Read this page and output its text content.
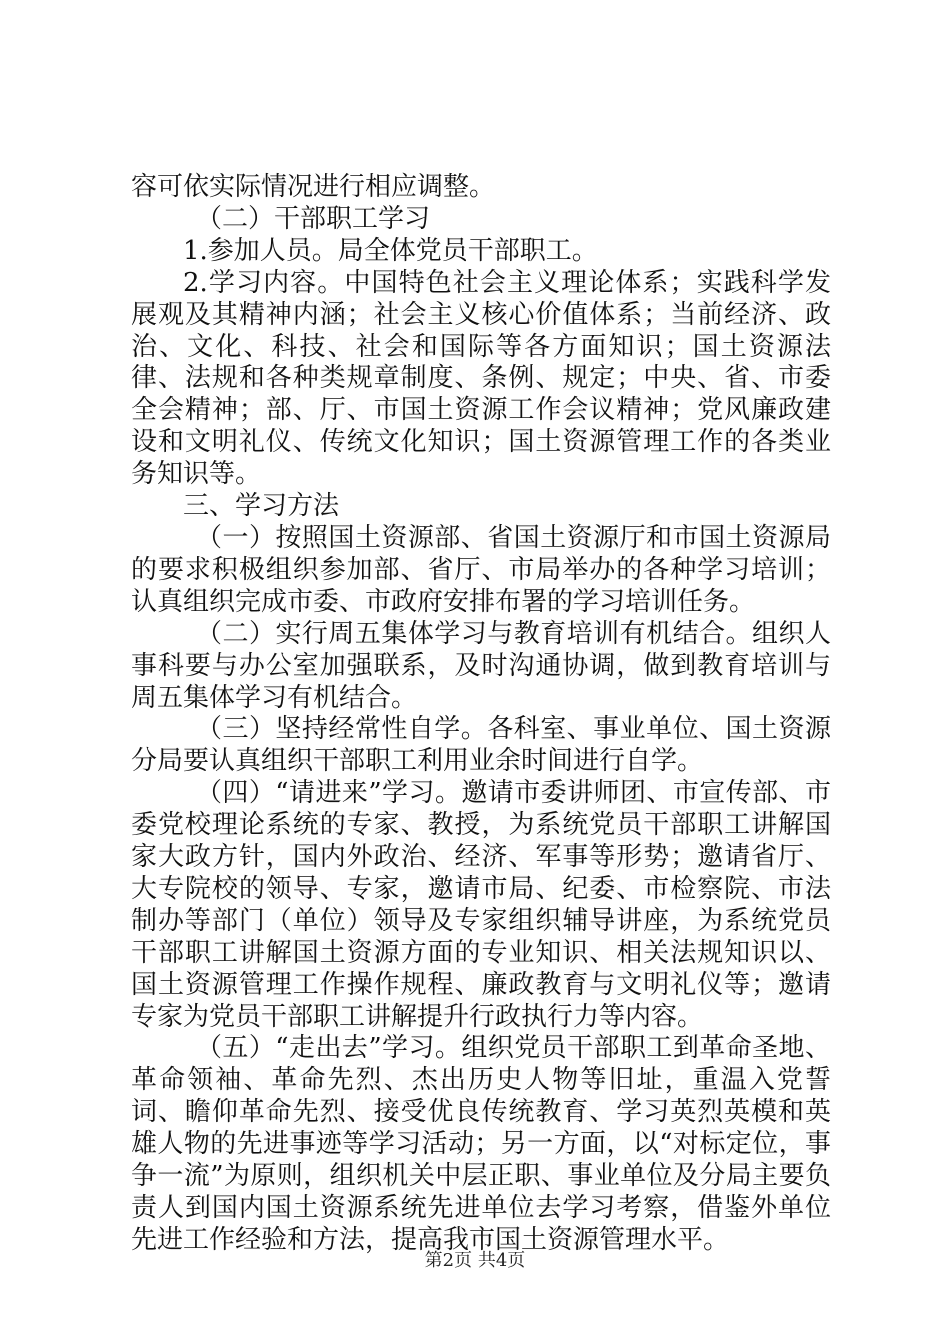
容可依实际情况进行相应调整。

（二）干部职工学习

1.参加人员。局全体党员干部职工。

2.学习内容。中国特色社会主义理论体系；实践科学发展观及其精神内涵；社会主义核心价值体系；当前经济、政治、文化、科技、社会和国际等各方面知识；国土资源法律、法规和各种类规章制度、条例、规定；中央、省、市委全会精神；部、厅、市国土资源工作会议精神；党风廉政建设和文明礼仪、传统文化知识；国土资源管理工作的各类业务知识等。

三、学习方法

（一）按照国土资源部、省国土资源厅和市国土资源局的要求积极组织参加部、省厅、市局举办的各种学习培训；认真组织完成市委、市政府安排布署的学习培训任务。

（二）实行周五集体学习与教育培训有机结合。组织人事科要与办公室加强联系，及时沟通协调，做到教育培训与周五集体学习有机结合。

（三）坚持经常性自学。各科室、事业单位、国土资源分局要认真组织干部职工利用业余时间进行自学。

（四）“请进来”学习。邀请市委讲师团、市宣传部、市委党校理论系统的专家、教授，为系统党员干部职工讲解国家大政方针，国内外政治、经济、军事等形势；邀请省厅、大专院校的领导、专家，邀请市局、纪委、市检察院、市法制办等部门（单位）领导及专家组织辅导讲座，为系统党员干部职工讲解国土资源方面的专业知识、相关法规知识以、国土资源管理工作操作规程、廉政教育与文明礼仪等；邀请专家为党员干部职工讲解提升行政执行力等内容。

（五）“走出去”学习。组织党员干部职工到革命圣地、革命领袖、革命先烈、杰出历史人物等旧址，重温入党誓词、瞻仰革命先烈、接受优良传统教育、学习英烈英模和英雄人物的先进事迹等学习活动；另一方面，以“对标定位，事争一流”为原则，组织机关中层正职、事业单位及分局主要负责人到国内国土资源系统先进单位去学习考察，借鉴外单位先进工作经验和方法，提高我市国土资源管理水平。

第2页 共4页
